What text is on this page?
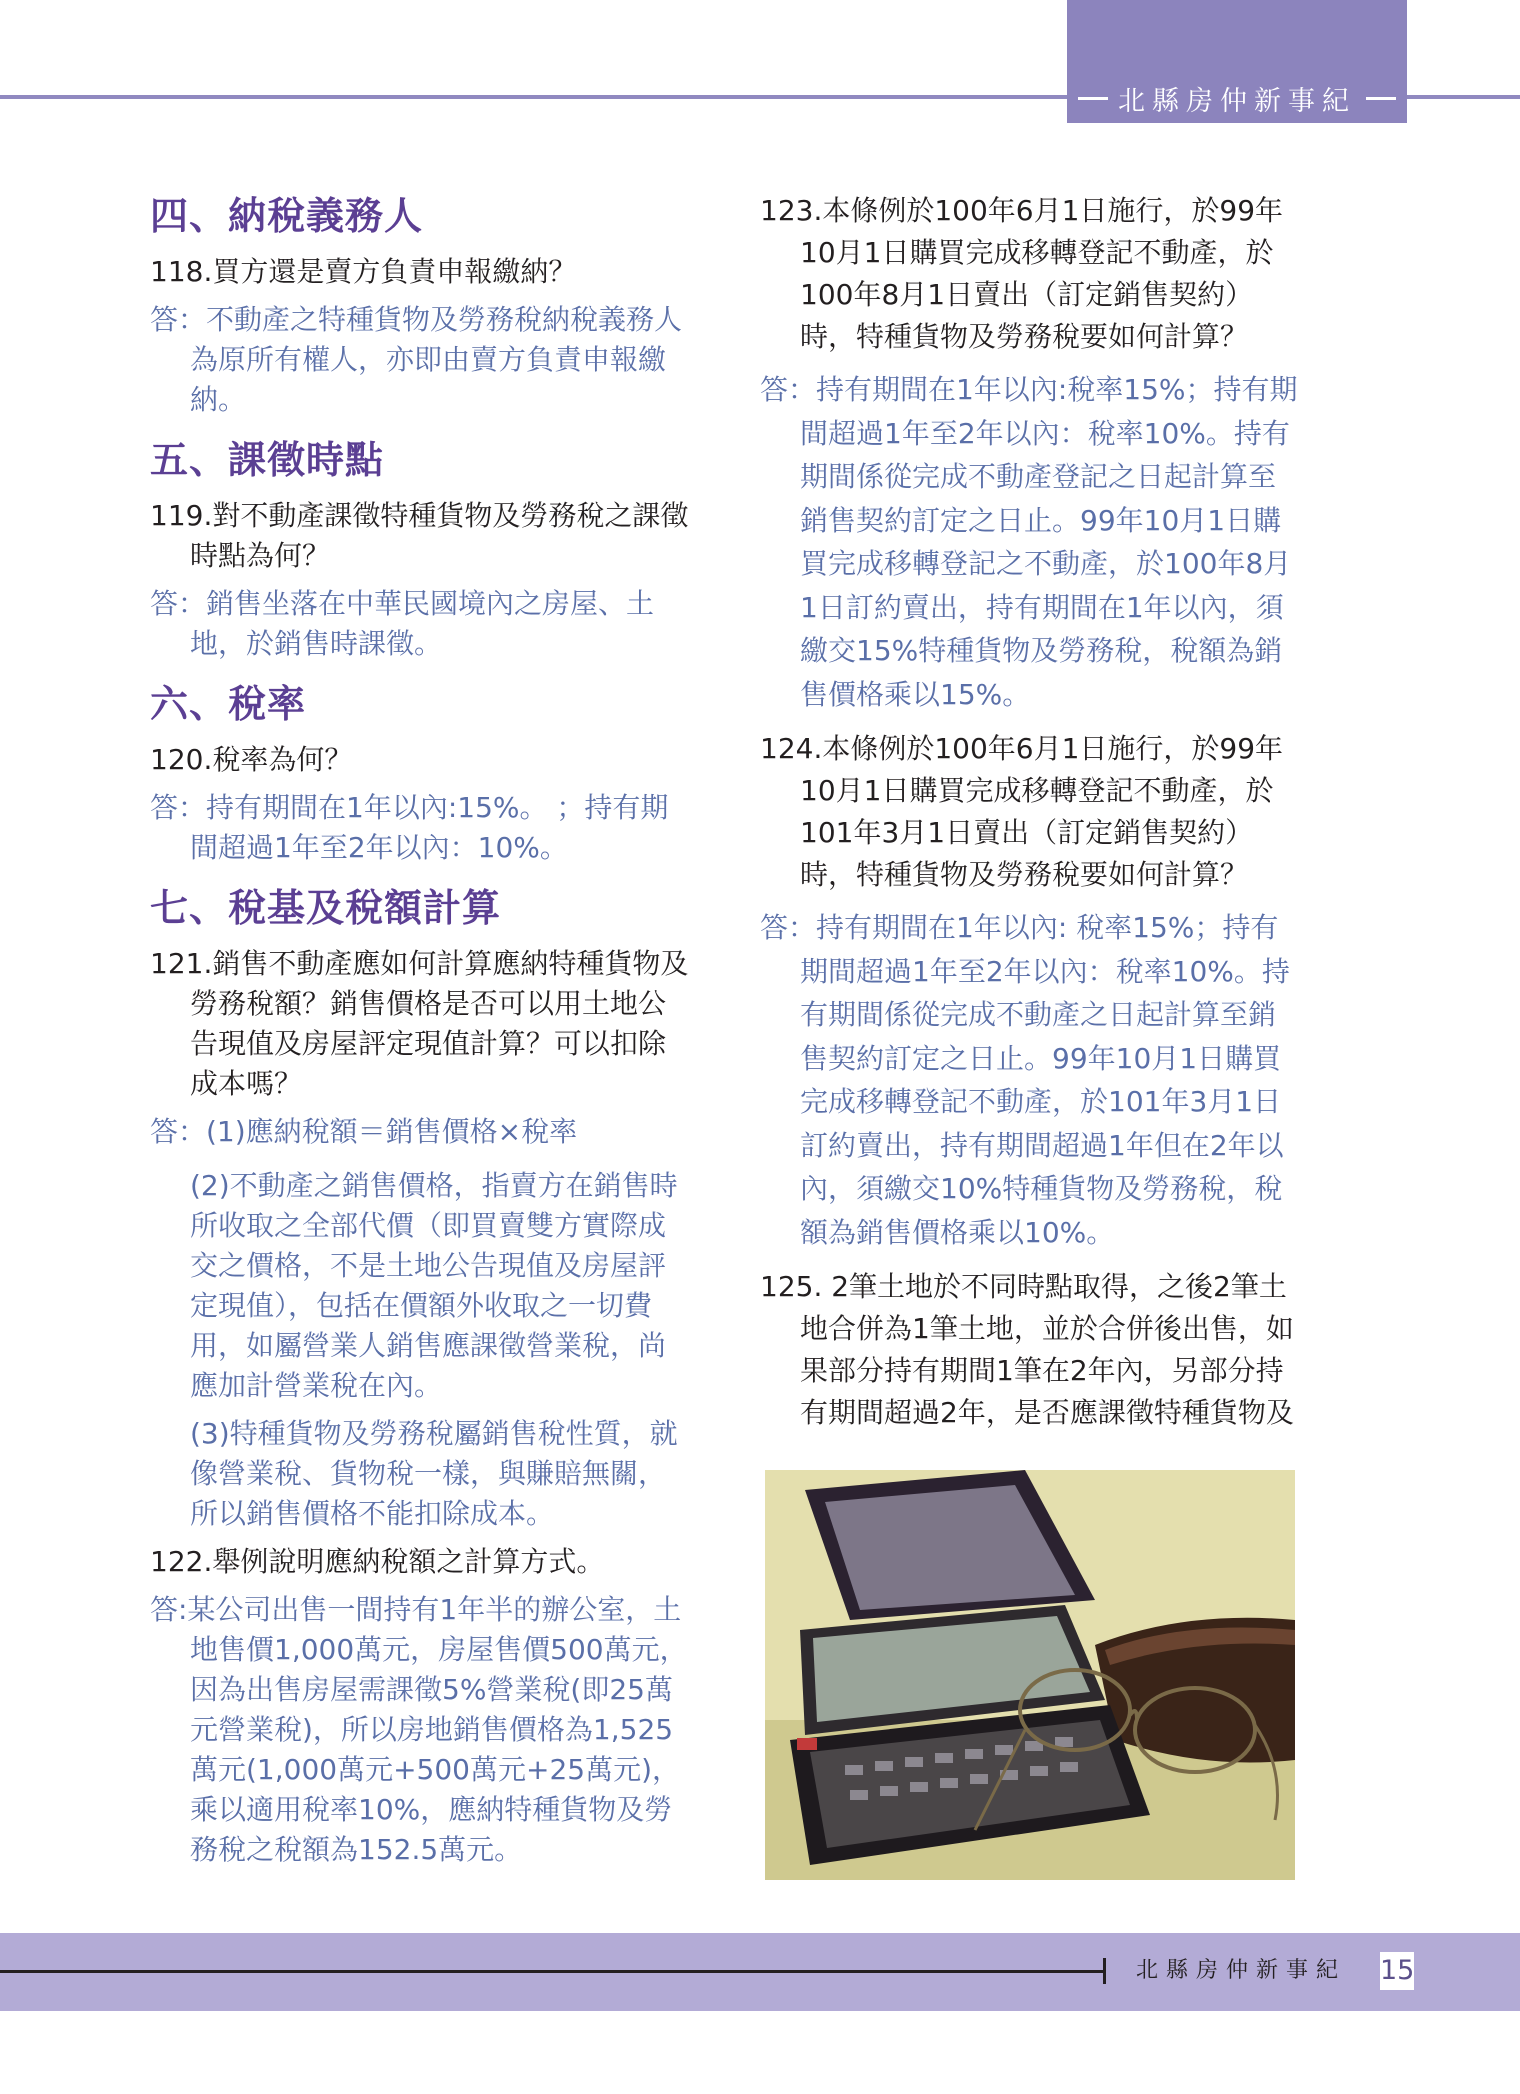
北縣房仲新事紀
四、納稅義務人

118.買方還是賣方負責申報繳納？

答：不動產之特種貨物及勞務稅納稅義務人為原所有權人，亦即由賣方負責申報繳納。

五、課徵時點

119.對不動產課徵特種貨物及勞務稅之課徵時點為何？

答：銷售坐落在中華民國境內之房屋、土地，於銷售時課徵。

六、稅率

120.稅率為何？

答：持有期間在1年以內:15%。 ；持有期間超過1年至2年以內：10%。

七、稅基及稅額計算

121.銷售不動產應如何計算應納特種貨物及勞務稅額？銷售價格是否可以用土地公告現值及房屋評定現值計算？可以扣除成本嗎？

答：(1)應納稅額＝銷售價格×稅率

(2)不動產之銷售價格，指賣方在銷售時所收取之全部代價（即買賣雙方實際成交之價格，不是土地公告現值及房屋評定現值），包括在價額外收取之一切費用，如屬營業人銷售應課徵營業稅，尚應加計營業稅在內。

(3)特種貨物及勞務稅屬銷售稅性質，就像營業稅、貨物稅一樣，與賺賠無關，所以銷售價格不能扣除成本。

122.舉例說明應納稅額之計算方式。

答:某公司出售一間持有1年半的辦公室，土地售價1,000萬元，房屋售價500萬元，因為出售房屋需課徵5%營業稅(即25萬元營業稅)，所以房地銷售價格為1,525萬元(1,000萬元+500萬元+25萬元)，乘以適用稅率10%，應納特種貨物及勞務稅之稅額為152.5萬元。

123.本條例於100年6月1日施行，於99年10月1日購買完成移轉登記不動產，於100年8月1日賣出（訂定銷售契約）時，特種貨物及勞務稅要如何計算？

答：持有期間在1年以內:稅率15%；持有期間超過1年至2年以內：稅率10%。持有期間係從完成不動產登記之日起計算至銷售契約訂定之日止。99年10月1日購買完成移轉登記之不動產，於100年8月1日訂約賣出，持有期間在1年以內，須繳交15%特種貨物及勞務稅，稅額為銷售價格乘以15%。

124.本條例於100年6月1日施行，於99年10月1日購買完成移轉登記不動產，於101年3月1日賣出（訂定銷售契約）時，特種貨物及勞務稅要如何計算？

答：持有期間在1年以內: 稅率15%；持有期間超過1年至2年以內：稅率10%。持有期間係從完成不動產之日起計算至銷售契約訂定之日止。99年10月1日購買完成移轉登記不動產，於101年3月1日訂約賣出，持有期間超過1年但在2年以內，須繳交10%特種貨物及勞務稅，稅額為銷售價格乘以10%。

125. 2筆土地於不同時點取得，之後2筆土地合併為1筆土地，並於合併後出售，如果部分持有期間1筆在2年內，另部分持有期間超過2年，是否應課徵特種貨物及

北縣房仲新事紀 15
